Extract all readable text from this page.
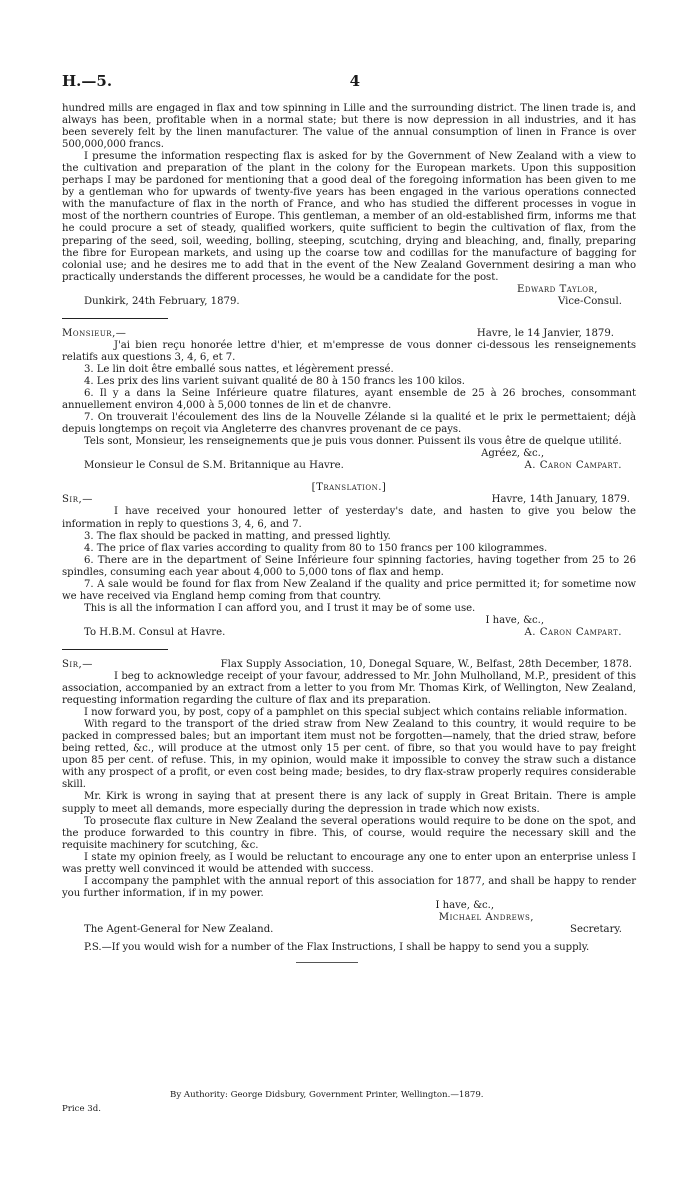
H.—5.	4

hundred mills are engaged in flax and tow spinning in Lille and the surrounding district. The linen trade is, and always has been, profitable when in a normal state; but there is now depression in all industries, and it has been severely felt by the linen manufacturer. The value of the annual consumption of linen in France is over 500,000,000 francs.

I presume the information respecting flax is asked for by the Government of New Zealand with a view to the cultivation and preparation of the plant in the colony for the European markets. Upon this supposition perhaps I may be pardoned for mentioning that a good deal of the foregoing information has been given to me by a gentleman who for upwards of twenty-five years has been engaged in the various operations connected with the manufacture of flax in the north of France, and who has studied the different processes in vogue in most of the northern countries of Europe. This gentleman, a member of an old-established firm, informs me that he could procure a set of steady, qualified workers, quite sufficient to begin the cultivation of flax, from the preparing of the seed, soil, weeding, bolling, steeping, scutching, drying and bleaching, and, finally, preparing the fibre for European markets, and using up the coarse tow and codillas for the manufacture of bagging for colonial use; and he desires me to add that in the event of the New Zealand Government desiring a man who practically understands the different processes, he would be a candidate for the post.

Edward Taylor,

Dunkirk, 24th February, 1879.	Vice-Consul.
Monsieur,—	Havre, le 14 Janvier, 1879.

J'ai bien reçu honorée lettre d'hier, et m'empresse de vous donner ci-dessous les renseignements relatifs aux questions 3, 4, 6, et 7.

3. Le lin doit être emballé sous nattes, et légèrement pressé.

4. Les prix des lins varient suivant qualité de 80 à 150 francs les 100 kilos.

6. Il y a dans la Seine Inférieure quatre filatures, ayant ensemble de 25 à 26 broches, consommant annuellement environ 4,000 à 5,000 tonnes de lin et de chanvre.

7. On trouverait l'écoulement des lins de la Nouvelle Zélande si la qualité et le prix le permettaient; déjà depuis longtemps on reçoit via Angleterre des chanvres provenant de ce pays.

Tels sont, Monsieur, les renseignements que je puis vous donner. Puissent ils vous être de quelque utilité.

Agréez, &c.,

Monsieur le Consul de S.M. Britannique au Havre.	A. Caron Campart.

[Translation.]

Sir,—	Havre, 14th January, 1879.

I have received your honoured letter of yesterday's date, and hasten to give you below the information in reply to questions 3, 4, 6, and 7.

3. The flax should be packed in matting, and pressed lightly.

4. The price of flax varies according to quality from 80 to 150 francs per 100 kilogrammes.

6. There are in the department of Seine Inférieure four spinning factories, having together from 25 to 26 spindles, consuming each year about 4,000 to 5,000 tons of flax and hemp.

7. A sale would be found for flax from New Zealand if the quality and price permitted it; for sometime now we have received via England hemp coming from that country.

This is all the information I can afford you, and I trust it may be of some use.

I have, &c.,

To H.B.M. Consul at Havre.	A. Caron Campart.
Sir,—	Flax Supply Association, 10, Donegal Square, W., Belfast, 28th December, 1878.

I beg to acknowledge receipt of your favour, addressed to Mr. John Mulholland, M.P., president of this association, accompanied by an extract from a letter to you from Mr. Thomas Kirk, of Wellington, New Zealand, requesting information regarding the culture of flax and its preparation.

I now forward you, by post, copy of a pamphlet on this special subject which contains reliable information.

With regard to the transport of the dried straw from New Zealand to this country, it would require to be packed in compressed bales; but an important item must not be forgotten—namely, that the dried straw, before being retted, &c., will produce at the utmost only 15 per cent. of fibre, so that you would have to pay freight upon 85 per cent. of refuse. This, in my opinion, would make it impossible to convey the straw such a distance with any prospect of a profit, or even cost being made; besides, to dry flax-straw properly requires considerable skill.

Mr. Kirk is wrong in saying that at present there is any lack of supply in Great Britain. There is ample supply to meet all demands, more especially during the depression in trade which now exists.

To prosecute flax culture in New Zealand the several operations would require to be done on the spot, and the produce forwarded to this country in fibre. This, of course, would require the necessary skill and the requisite machinery for scutching, &c.

I state my opinion freely, as I would be reluctant to encourage any one to enter upon an enterprise unless I was pretty well convinced it would be attended with success.

I accompany the pamphlet with the annual report of this association for 1877, and shall be happy to render you further information, if in my power.

I have, &c.,

Michael Andrews,

The Agent-General for New Zealand.	Secretary.

P.S.—If you would wish for a number of the Flax Instructions, I shall be happy to send you a supply.

By Authority: George Didsbury, Government Printer, Wellington.—1879.
Price 3d.
